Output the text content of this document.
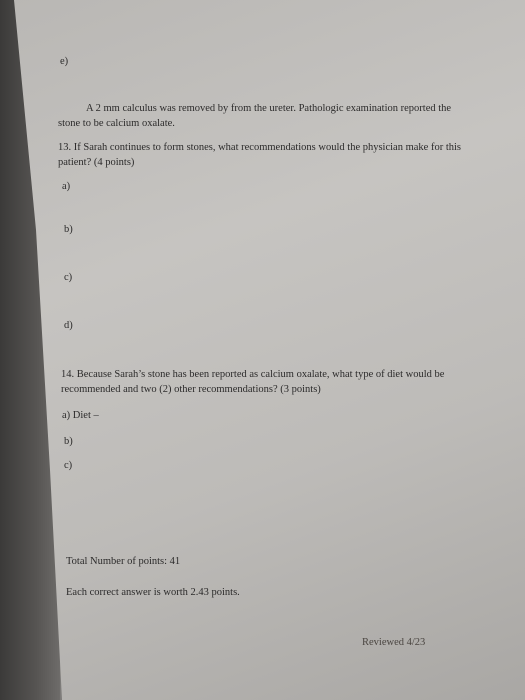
e)
A 2 mm calculus was removed by from the ureter. Pathologic examination reported the
stone to be calcium oxalate.
13. If Sarah continues to form stones, what recommendations would the physician make for this
patient? (4 points)
a)
b)
c)
d)
14. Because Sarah’s stone has been reported as calcium oxalate, what type of diet would be
recommended and two (2) other recommendations? (3 points)
a) Diet –
b)
c)
Total Number of points: 41
Each correct answer is worth 2.43 points.
Reviewed 4/23
